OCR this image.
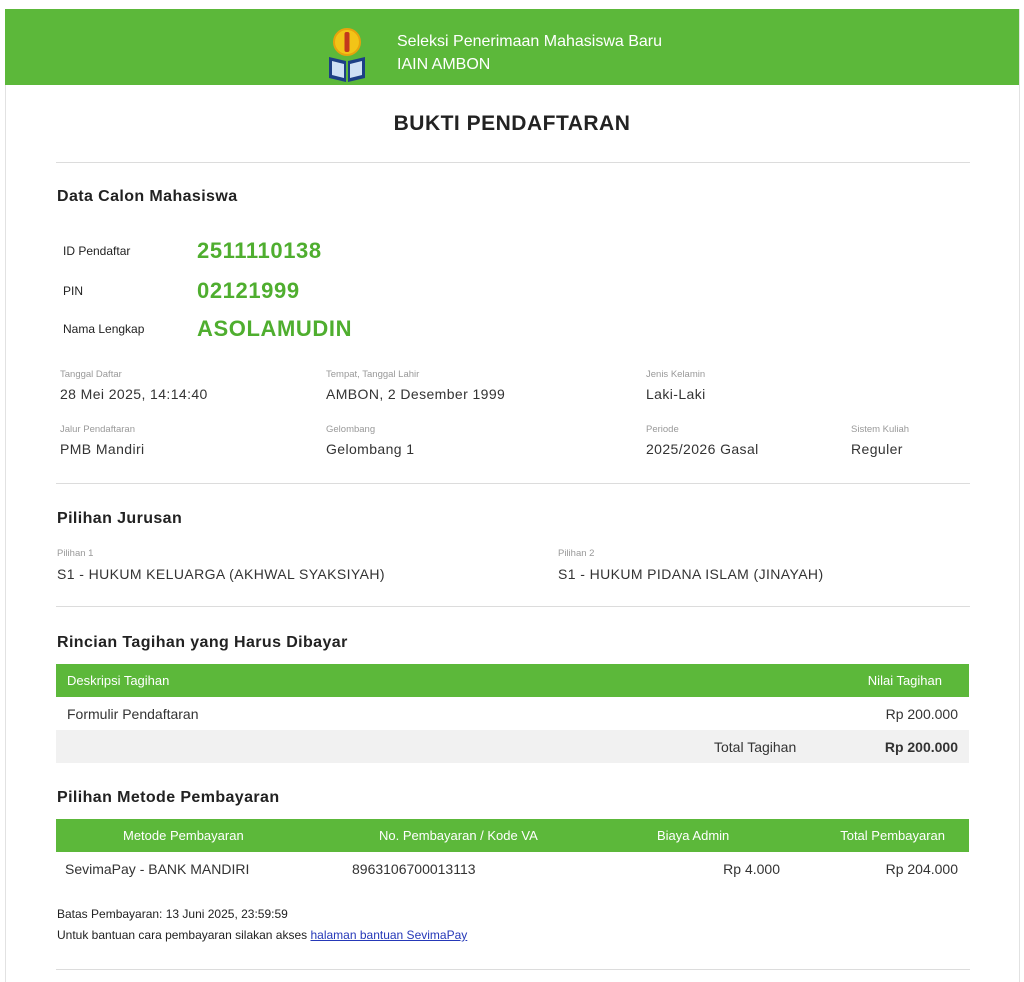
Seleksi Penerimaan Mahasiswa Baru
IAIN AMBON
BUKTI PENDAFTARAN
Data Calon Mahasiswa
ID Pendaftar	2511110138
PIN	02121999
Nama Lengkap ASOLAMUDIN
Tanggal Daftar
28 Mei 2025, 14:14:40
Tempat, Tanggal Lahir
AMBON, 2 Desember 1999
Jenis Kelamin
Laki-Laki
Jalur Pendaftaran
PMB Mandiri
Gelombang
Gelombang 1
Periode
2025/2026 Gasal
Sistem Kuliah
Reguler
Pilihan Jurusan
Pilihan 1
S1 - HUKUM KELUARGA (AKHWAL SYAKSIYAH)
Pilihan 2
S1 - HUKUM PIDANA ISLAM (JINAYAH)
Rincian Tagihan yang Harus Dibayar
Deskripsi Tagihan	Nilai Tagihan
Formulir Pendaftaran	Rp 200.000
Total Tagihan	Rp 200.000
Pilihan Metode Pembayaran
Metode Pembayaran	No. Pembayaran / Kode VA	Biaya Admin	Total Pembayaran
SevimaPay - BANK MANDIRI	8963106700013113	Rp 4.000	Rp 204.000
Batas Pembayaran: 13 Juni 2025, 23:59:59
Untuk bantuan cara pembayaran silakan akses halaman bantuan SevimaPay
